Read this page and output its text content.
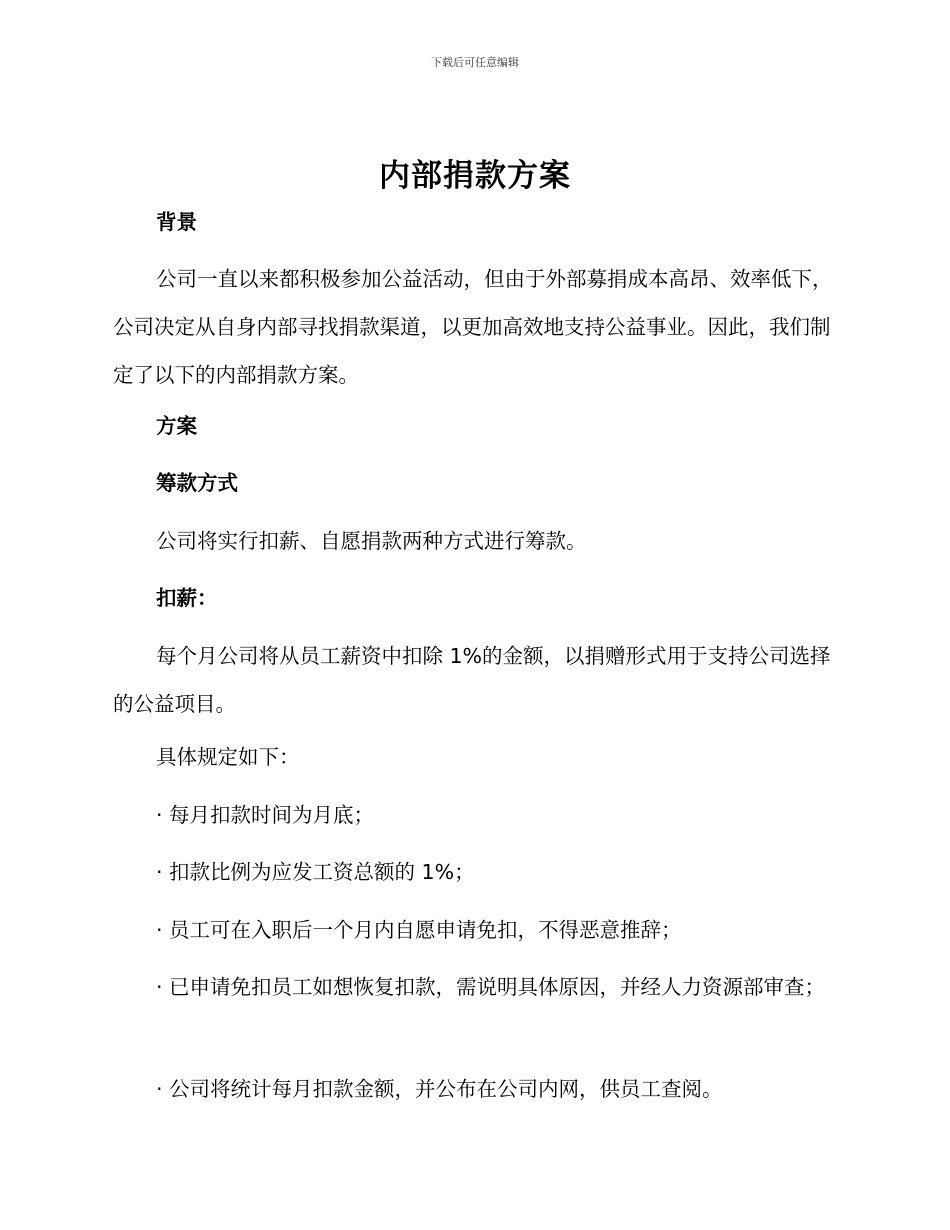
下载后可任意编辑
内部捐款方案
背景
公司一直以来都积极参加公益活动，但由于外部募捐成本高昂、效率低下，公司决定从自身内部寻找捐款渠道，以更加高效地支持公益事业。因此，我们制定了以下的内部捐款方案。
方案
筹款方式
公司将实行扣薪、自愿捐款两种方式进行筹款。
扣薪：
每个月公司将从员工薪资中扣除 1%的金额，以捐赠形式用于支持公司选择的公益项目。
具体规定如下：
· 每月扣款时间为月底；
· 扣款比例为应发工资总额的 1%；
· 员工可在入职后一个月内自愿申请免扣，不得恶意推辞；
· 已申请免扣员工如想恢复扣款，需说明具体原因，并经人力资源部审查；
· 公司将统计每月扣款金额，并公布在公司内网，供员工查阅。
